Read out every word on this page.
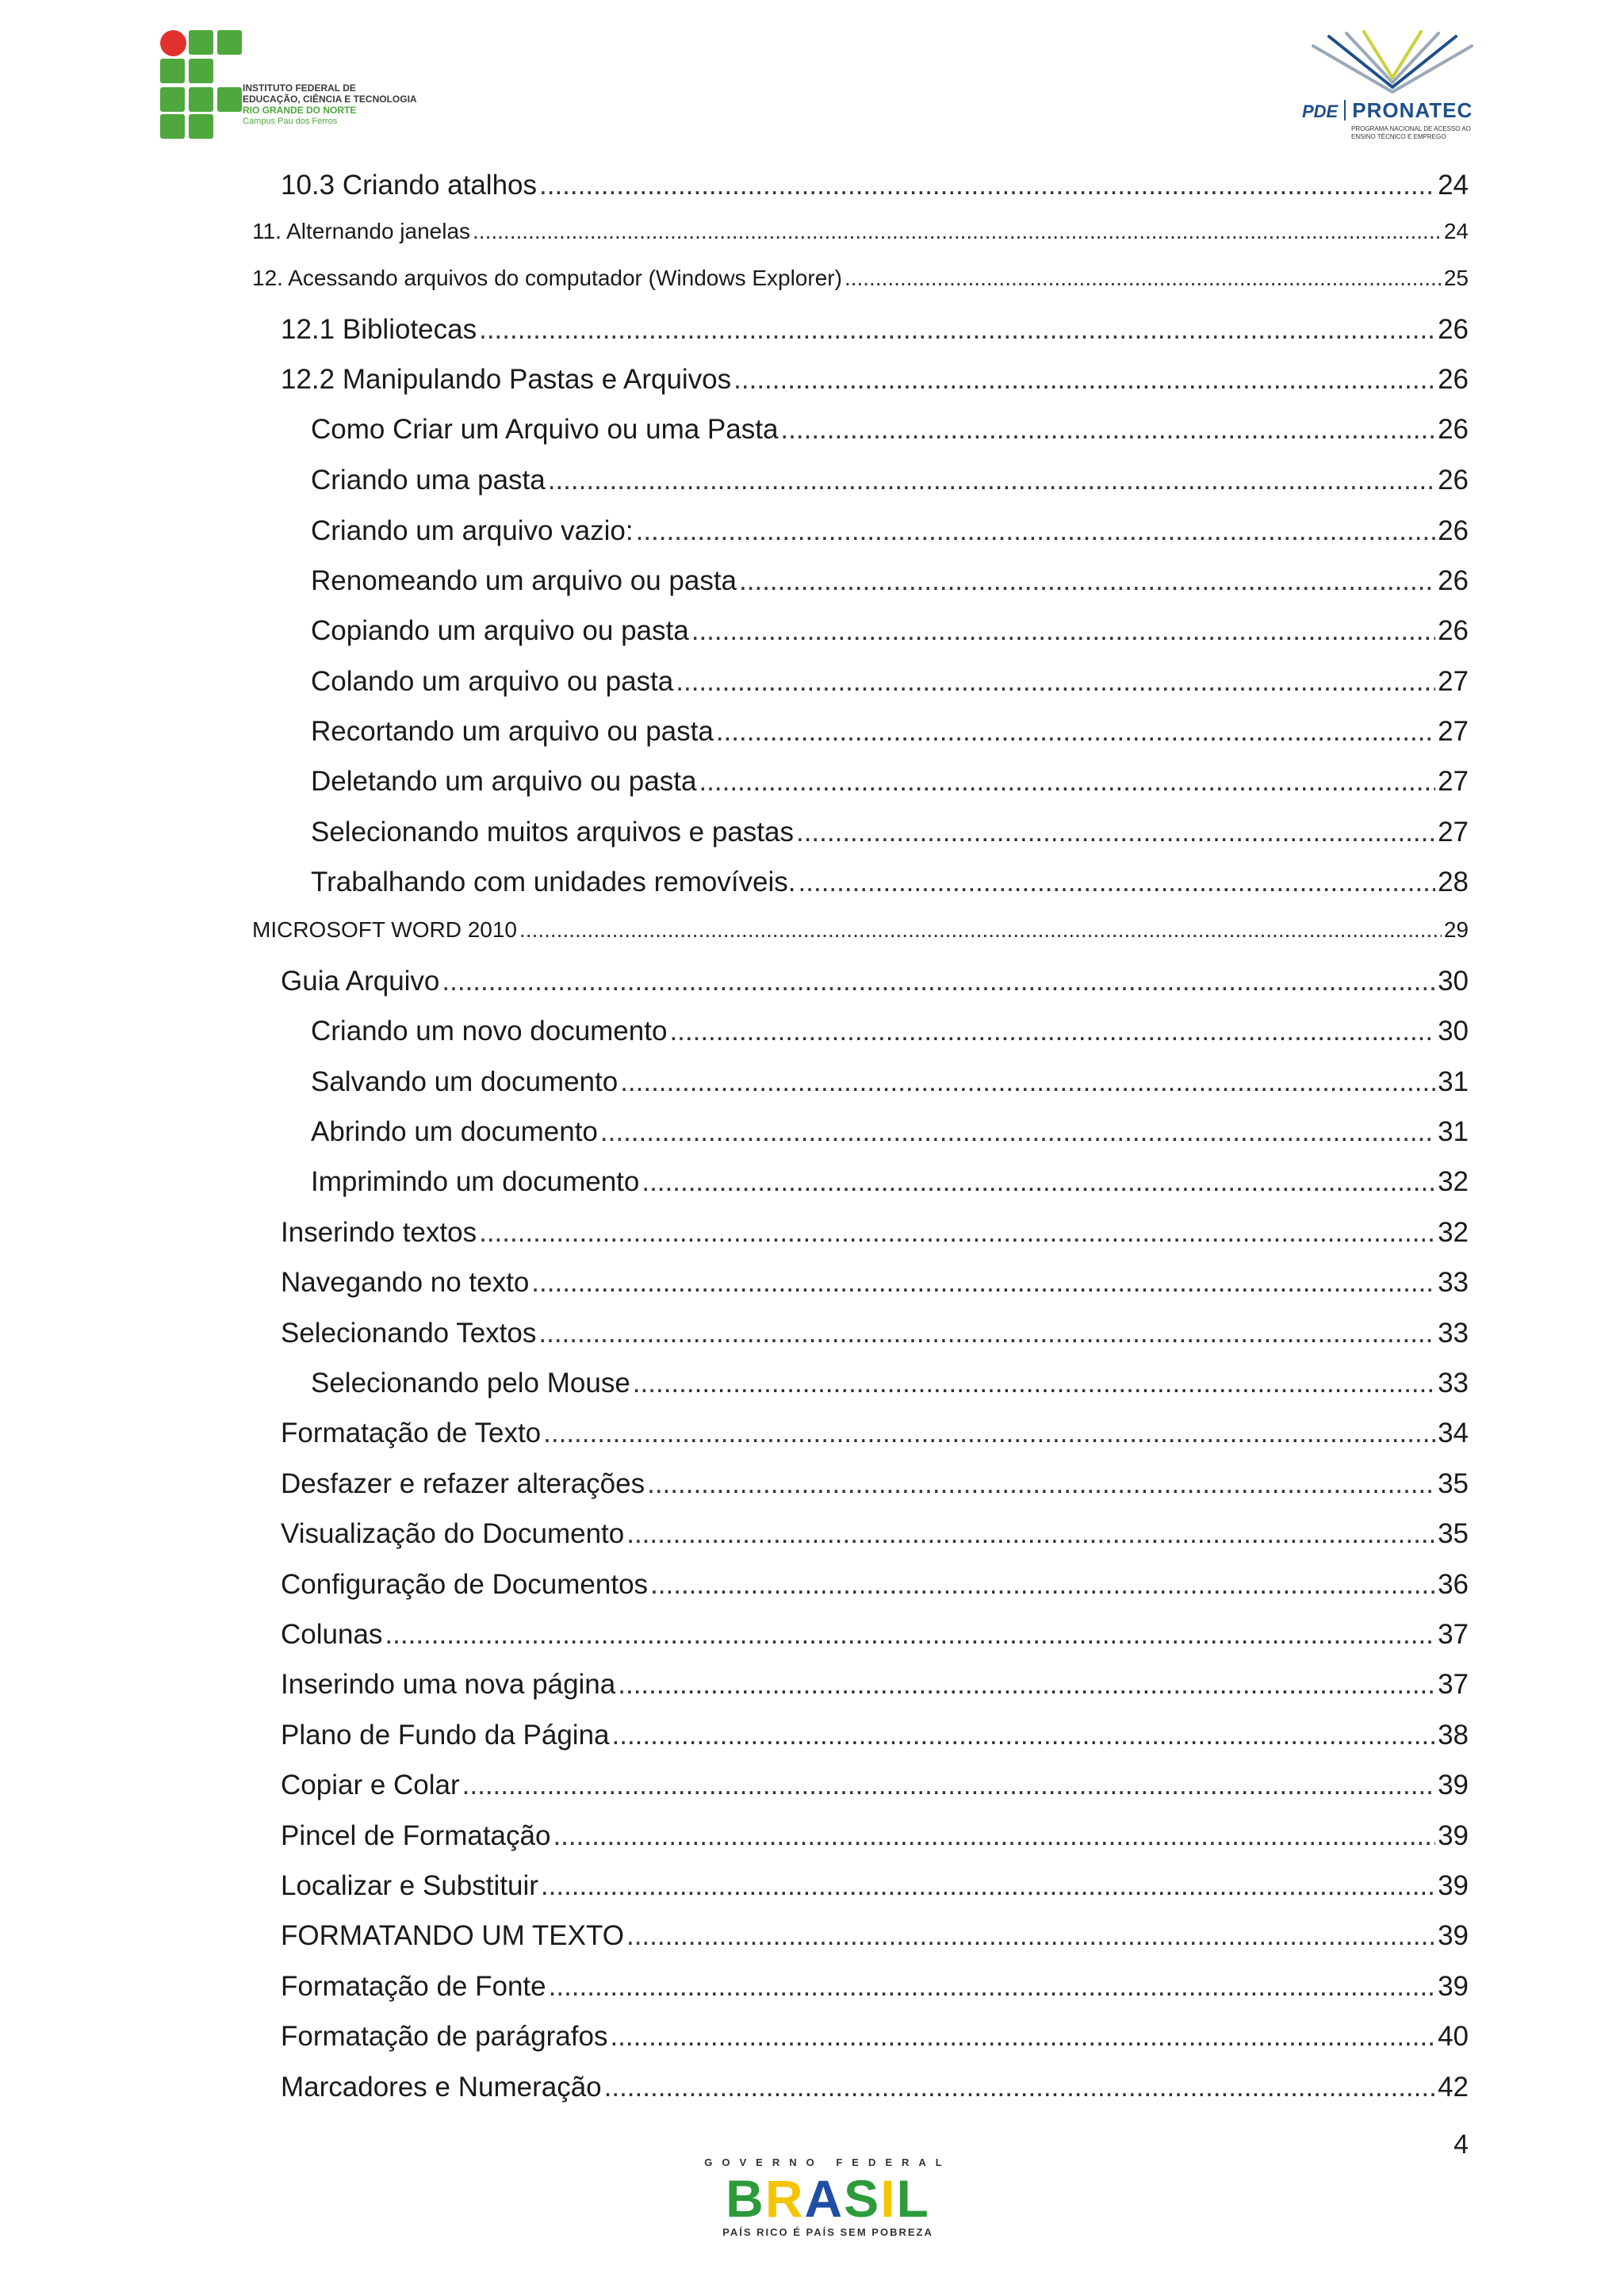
INSTITUTO FEDERAL DE
EDUCAÇÃO, CIÊNCIA E TECNOLOGIA
RIO GRANDE DO NORTE
Campus Pau dos Ferros	PDE PRONATEC
PROGRAMA NACIONAL DE ACESSO AO
ENSINO TÉCNICO E EMPREGO
10.3 Criando atalhos .....	24
11. Alternando janelas .....	24
12. Acessando arquivos do computador (Windows Explorer) .....	25
12.1 Bibliotecas .....	26
12.2 Manipulando Pastas e Arquivos .....	26
Como Criar um Arquivo ou uma Pasta .....	26
Criando uma pasta .....	26
Criando um arquivo vazio: .....	26
Renomeando um arquivo ou pasta .....	26
Copiando um arquivo ou pasta .....	26
Colando um arquivo ou pasta .....	27
Recortando um arquivo ou pasta .....	27
Deletando um arquivo ou pasta .....	27
Selecionando muitos arquivos e pastas .....	27
Trabalhando com unidades removíveis. .....	28
MICROSOFT WORD 2010 .....	29
Guia Arquivo .....	30
Criando um novo documento .....	30
Salvando um documento .....	31
Abrindo um documento .....	31
Imprimindo um documento .....	32
Inserindo textos .....	32
Navegando no texto .....	33
Selecionando Textos .....	33
Selecionando pelo Mouse .....	33
Formatação de Texto .....	34
Desfazer e refazer alterações .....	35
Visualização do Documento .....	35
Configuração de Documentos .....	36
Colunas .....	37
Inserindo uma nova página .....	37
Plano de Fundo da Página .....	38
Copiar e Colar .....	39
Pincel de Formatação .....	39
Localizar e Substituir .....	39
FORMATANDO UM TEXTO .....	39
Formatação de Fonte .....	39
Formatação de parágrafos .....	40
Marcadores e Numeração .....	42
4
GOVERNO FEDERAL
BRASIL
PAÍS RICO É PAÍS SEM POBREZA
